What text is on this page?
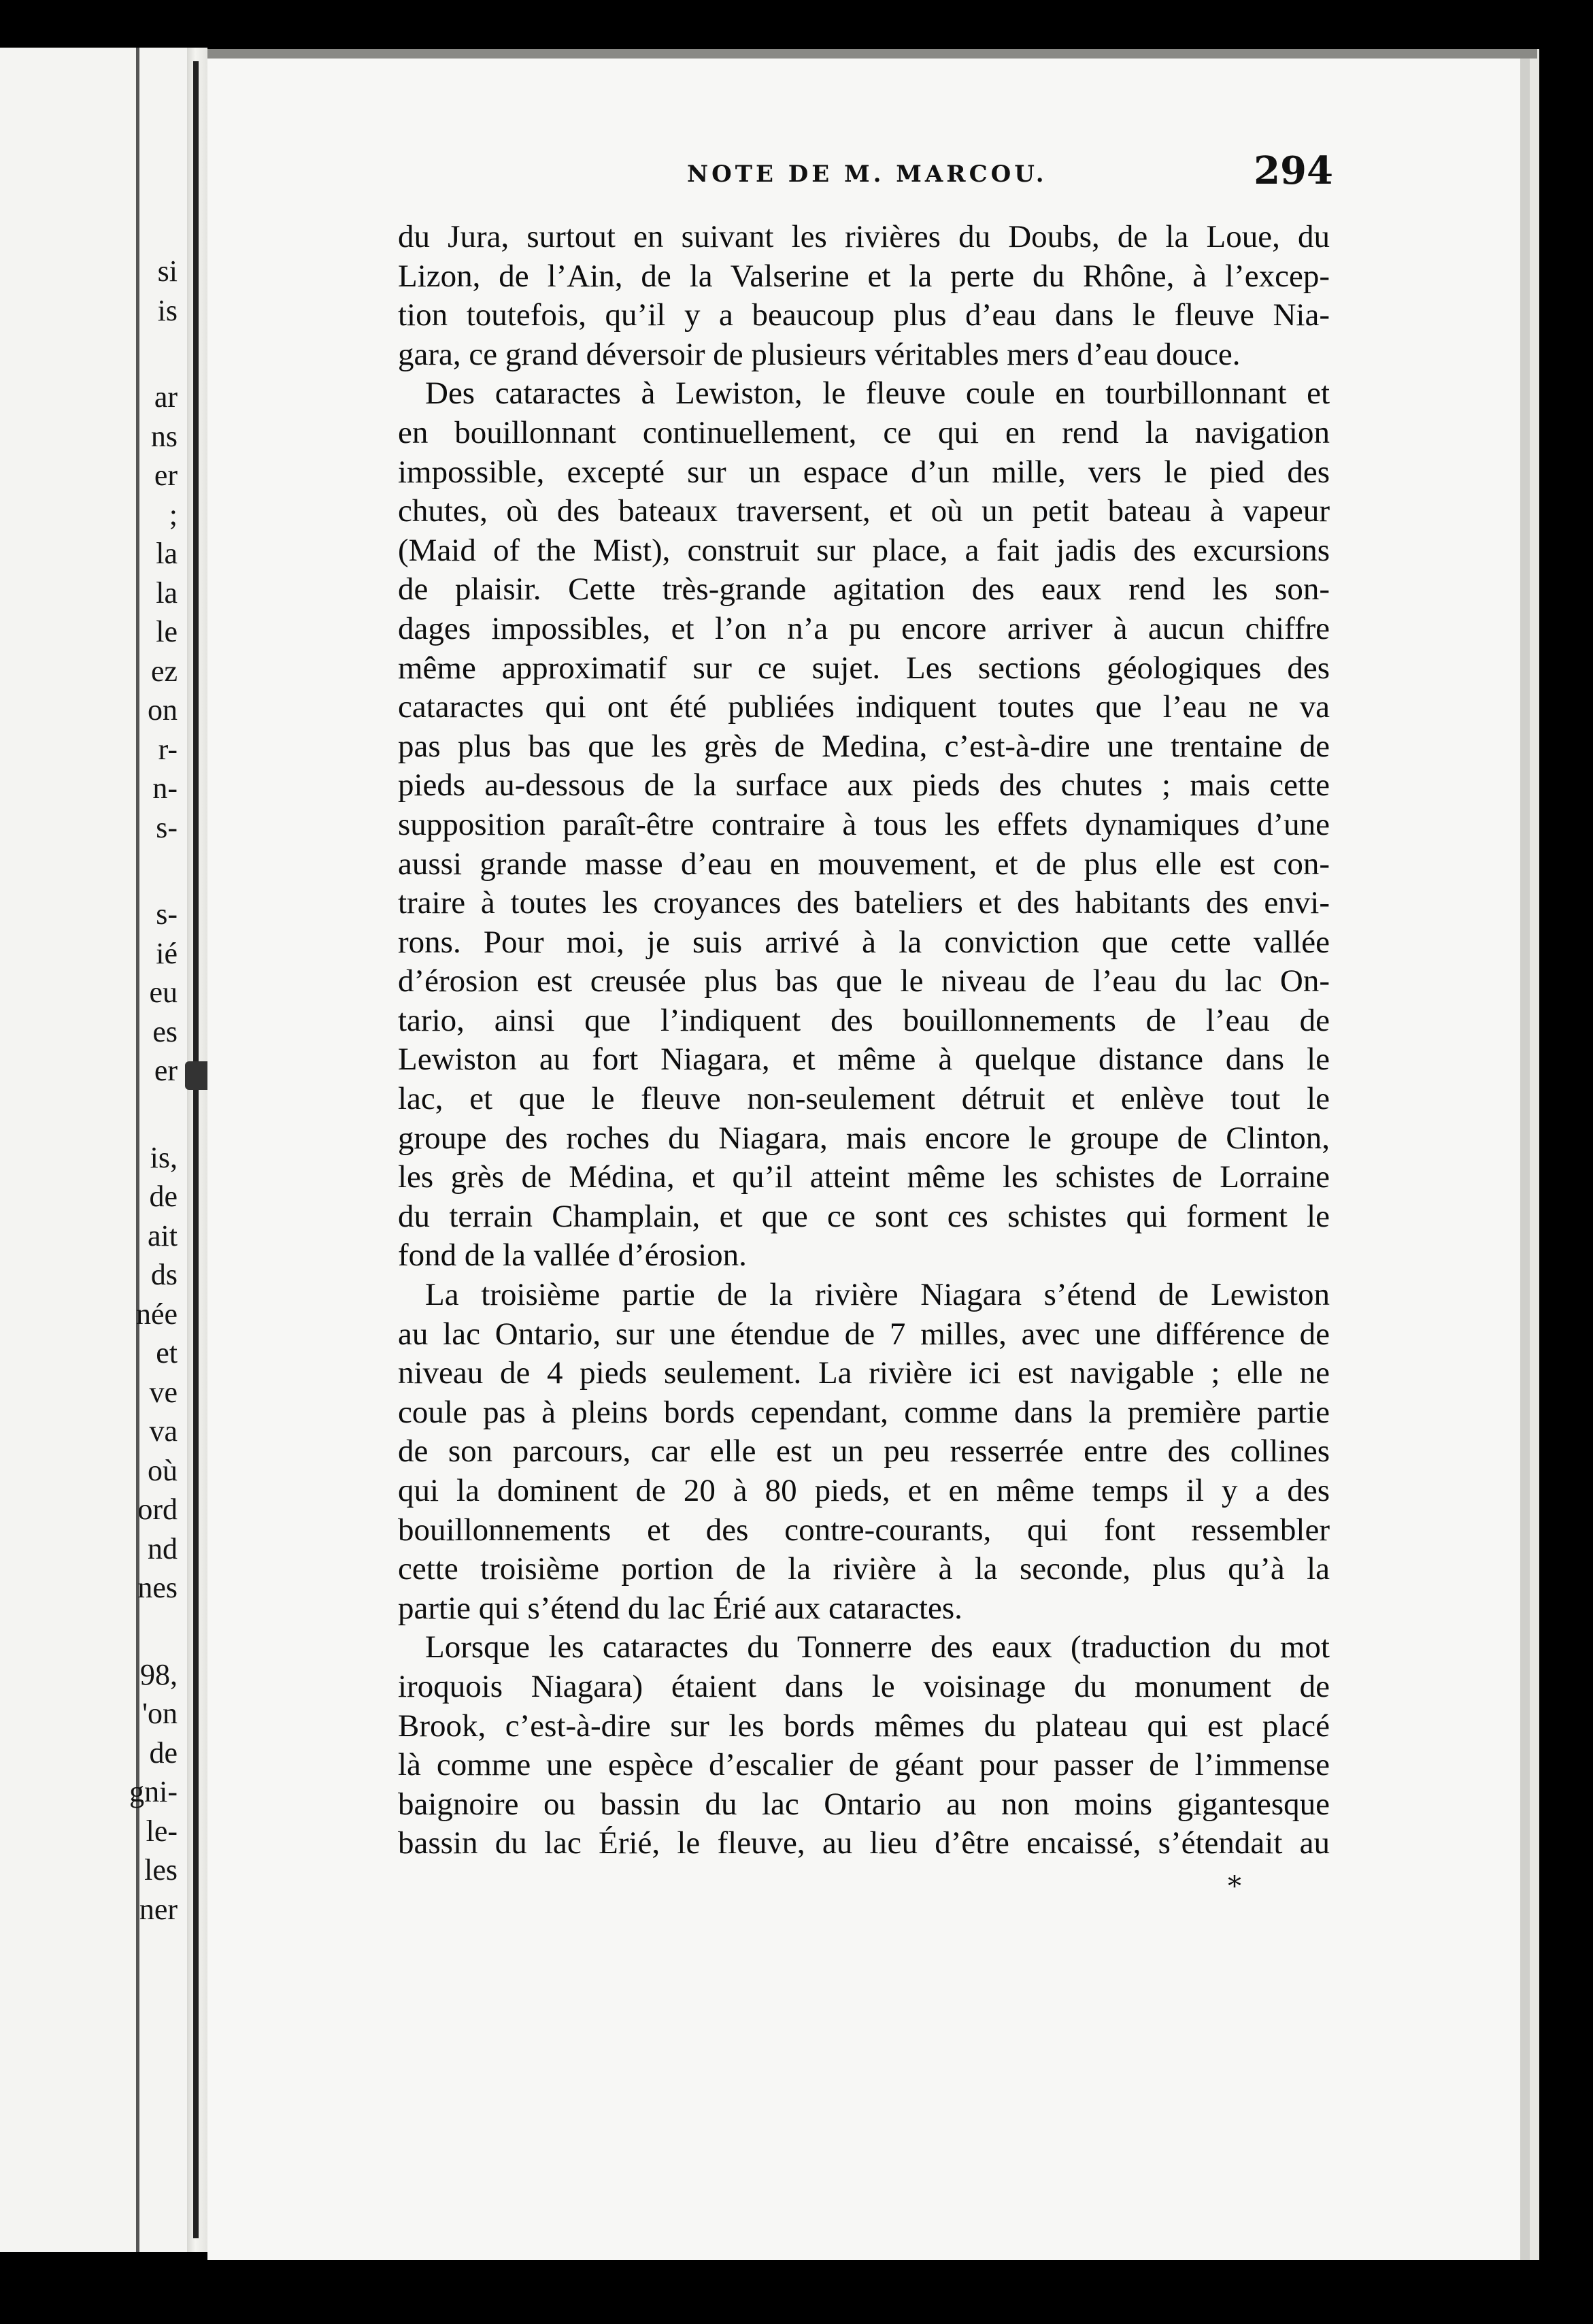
si
is
ar
ns
er
;
la
la
le
ez
on
r-
n-
s-
s-
ié
eu
es
er
is,
de
ait
ds
née
et
ve
va
où
ord
nd
nes
98,
'on
de
gni-
le-
les
ner
NOTE DE M. MARCOU.	294
du Jura, surtout en suivant les rivières du Doubs, de la Loue, du
Lizon, de l’Ain, de la Valserine et la perte du Rhône, à l’excep-
tion toutefois, qu’il y a beaucoup plus d’eau dans le fleuve Nia-
gara, ce grand déversoir de plusieurs véritables mers d’eau douce.
Des cataractes à Lewiston, le fleuve coule en tourbillonnant et
en bouillonnant continuellement, ce qui en rend la navigation
impossible, excepté sur un espace d’un mille, vers le pied des
chutes, où des bateaux traversent, et où un petit bateau à vapeur
(Maid of the Mist), construit sur place, a fait jadis des excursions
de plaisir. Cette très-grande agitation des eaux rend les son-
dages impossibles, et l’on n’a pu encore arriver à aucun chiffre
même approximatif sur ce sujet. Les sections géologiques des
cataractes qui ont été publiées indiquent toutes que l’eau ne va
pas plus bas que les grès de Medina, c’est-à-dire une trentaine de
pieds au-dessous de la surface aux pieds des chutes ; mais cette
supposition paraît-être contraire à tous les effets dynamiques d’une
aussi grande masse d’eau en mouvement, et de plus elle est con-
traire à toutes les croyances des bateliers et des habitants des envi-
rons. Pour moi, je suis arrivé à la conviction que cette vallée
d’érosion est creusée plus bas que le niveau de l’eau du lac On-
tario, ainsi que l’indiquent des bouillonnements de l’eau de
Lewiston au fort Niagara, et même à quelque distance dans le
lac, et que le fleuve non-seulement détruit et enlève tout le
groupe des roches du Niagara, mais encore le groupe de Clinton,
les grès de Médina, et qu’il atteint même les schistes de Lorraine
du terrain Champlain, et que ce sont ces schistes qui forment le
fond de la vallée d’érosion.
La troisième partie de la rivière Niagara s’étend de Lewiston
au lac Ontario, sur une étendue de 7 milles, avec une différence de
niveau de 4 pieds seulement. La rivière ici est navigable ; elle ne
coule pas à pleins bords cependant, comme dans la première partie
de son parcours, car elle est un peu resserrée entre des collines
qui la dominent de 20 à 80 pieds, et en même temps il y a des
bouillonnements et des contre-courants, qui font ressembler
cette troisième portion de la rivière à la seconde, plus qu’à la
partie qui s’étend du lac Érié aux cataractes.
Lorsque les cataractes du Tonnerre des eaux (traduction du mot
iroquois Niagara) étaient dans le voisinage du monument de
Brook, c’est-à-dire sur les bords mêmes du plateau qui est placé
là comme une espèce d’escalier de géant pour passer de l’immense
baignoire ou bassin du lac Ontario au non moins gigantesque
bassin du lac Érié, le fleuve, au lieu d’être encaissé, s’étendait au
*
